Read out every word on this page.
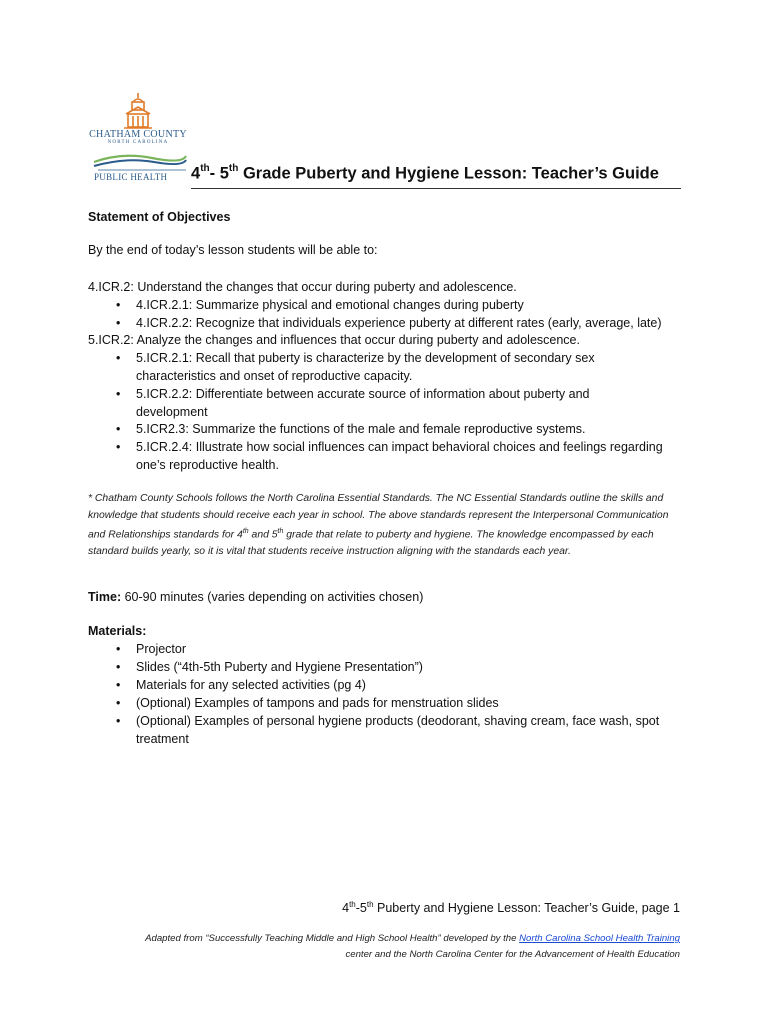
CHATHAM COUNTY
NORTH CAROLINA
PUBLIC HEALTH 4th- 5th Grade Puberty and Hygiene Lesson: Teacher’s Guide
Statement of Objectives
By the end of today’s lesson students will be able to:
4.ICR.2: Understand the changes that occur during puberty and adolescence.
• 4.ICR.2.1: Summarize physical and emotional changes during puberty
• 4.ICR.2.2: Recognize that individuals experience puberty at different rates (early, average, late)
5.ICR.2: Analyze the changes and influences that occur during puberty and adolescence.
• 5.ICR.2.1: Recall that puberty is characterize by the development of secondary sex
characteristics and onset of reproductive capacity.
• 5.ICR.2.2: Differentiate between accurate source of information about puberty and
development
• 5.ICR2.3: Summarize the functions of the male and female reproductive systems.
• 5.ICR.2.4: Illustrate how social influences can impact behavioral choices and feelings regarding
one’s reproductive health.
* Chatham County Schools follows the North Carolina Essential Standards. The NC Essential Standards outline the skills and knowledge that students should receive each year in school. The above standards represent the Interpersonal Communication and Relationships standards for 4th and 5th grade that relate to puberty and hygiene. The knowledge encompassed by each standard builds yearly, so it is vital that students receive instruction aligning with the standards each year.
Time: 60-90 minutes (varies depending on activities chosen)
Materials:
• Projector
• Slides (“4th-5th Puberty and Hygiene Presentation”)
• Materials for any selected activities (pg 4)
• (Optional) Examples of tampons and pads for menstruation slides
• (Optional) Examples of personal hygiene products (deodorant, shaving cream, face wash, spot
treatment
4th-5th Puberty and Hygiene Lesson: Teacher’s Guide, page 1
Adapted from “Successfully Teaching Middle and High School Health” developed by the North Carolina School Health Training
center and the North Carolina Center for the Advancement of Health Education
